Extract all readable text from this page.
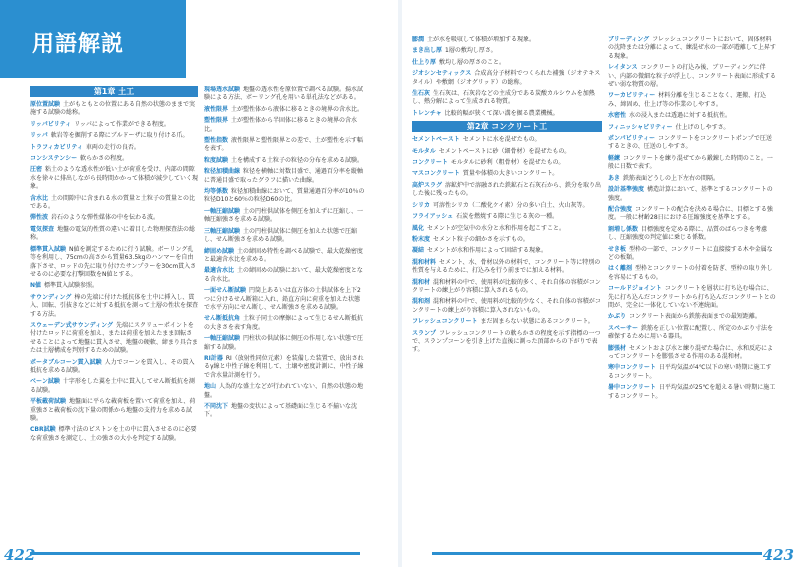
用語解説
第1章 土工
原位置試験 土がもともとの位置にある自然の状態のままで実施する試験の総称。
リッパビリティ リッパによって作業ができる程度。
リッパ 軟岩等を掘削する際にブルドーザに取り付ける爪。
トラフィカビリティ 車両の走行の良否。
コンシステンシー 軟らかさの程度。
圧密 粘土のような透水性が低い土が荷重を受け、内部の間隙水を徐々に排出しながら長時間かかって体積が減少していく現象。
含水比 土の間隙中に含まれる水の質量と土粒子の質量との比である。
弾性波 岩石のような弾性媒体の中を伝わる波。
電気探査 地盤の電気的性質の違いに着目した物理探査法の総称。
標準貫入試験 N値を測定するために行う試験。ボーリング孔等を利用し、75cmの高さから質量63.5kgのハンマーを自由落下させ、ロッドの先に取り付けたサンプラーを30cm貫入させるのに必要な打撃回数をN値とする。
N値 標準貫入試験参照。
サウンディング 棒の先端に付けた抵抗体を土中に挿入し、貫入、回転、引抜きなどに対する抵抗を測って土層の性状を探査する方法。
スウェーデン式サウンディング 先端にスクリューポイントを付けたロッドに荷重を加え、または荷重を加えたまま回転させることによって地盤に貫入させ、地盤の硬軟、締まり具合または土層構成を判別するための試験。
ポータブルコーン貫入試験 人力でコーンを貫入し、その貫入抵抗を求める試験。
ベーン試験 十字形をした翼を土中に貫入してせん断抵抗を測る試験。
平板載荷試験 地盤面に平らな載荷板を置いて荷重を加え、荷重強さと載荷板の沈下量の関係から地盤の支持力を求める試験。
CBR試験 標準寸法のピストンを土の中に貫入させるのに必要な荷重強さを測定し、土の強さの大小を判定する試験。
現場透水試験 地盤の透水性を原位置で調べる試験。揚水試験による方法、ボーリング孔を用いる単孔法などがある。
液性限界 土が塑性体から液体に移るときの境界の含水比。
塑性限界 土が塑性体から半固体に移るときの境界の含水比。
塑性指数 液性限界と塑性限界との差で、土が塑性を示す幅を表す。
粒度試験 土を構成する土粒子の粒径の分布を求める試験。
粒径加積曲線 粒径を横軸に対数目盛で、通過百分率を縦軸に普通目盛で取ったグラフに描いた曲線。
均等係数 粒径加積曲線において、質量通過百分率が10％の粒径D10と60％の粒径D60の比。
一軸圧縮試験 土の円柱供試体を側圧を加えずに圧縮し、一軸圧縮強さを求める試験。
三軸圧縮試験 土の円柱供試体に側圧を加えた状態で圧縮し、せん断強さを求める試験。
締固め試験 土の締固め特性を調べる試験で、最大乾燥密度と最適含水比を求める。
最適含水比 土の締固めの試験において、最大乾燥密度となる含水比。
一面せん断試験 円筒上あるいは直方体の土供試体を上下2つに分けるせん断箱に入れ、鉛直方向に荷重を加えた状態で水平方向にせん断し、せん断強さを求める試験。
せん断抵抗角 土粒子同士の摩擦によって生じるせん断抵抗の大きさを表す角度。
一軸圧縮試験 円柱状の供試体に側圧の作用しない状態で圧縮する試験。
RI計器 RI（放射性同位元素）を装備した装置で、放出されるγ線と中性子線を利用して、土壌や密度計測に、中性子線で含水量計測を行う。
地山 人為的な盛土などが行われていない、自然の状態の地盤。
不同沈下 地盤の変状によって基礎面に生じる不揃いな沈下。
422
膨潤 土が水を吸収して体積が増加する現象。
まき出し厚 1層の敷均し厚さ。
仕上り厚 敷均し層の厚さのこと。
ジオシンセティックス 合成高分子材料でつくられた補強（ジオテキスタイル）や敷網（ジオグリッド）の総称。
生石灰 生石灰は、石灰岩などの主成分である炭酸カルシウムを加熱し、熱分解によって生成される物質。
トレンチャ 比較的幅が狭くて深い溝を掘る農業機械。
第2章 コンクリート工
セメントペースト セメントに水を混ぜたもの。
モルタル セメントペーストに砂（細骨材）を混ぜたもの。
コンクリート モルタルに砂利（粗骨材）を混ぜたもの。
マスコンクリート 質量や体積の大きいコンクリート。
高炉スラグ 溶鉱炉中で溶融された鉄鉱石と石灰石から、鉄分を取り出した後に残ったもの。
シリカ 可溶性シリカ（二酸化ケイ素）分の多い白土、火山灰等。
フライアッシュ 石炭を燃焼する際に生じる灰の一種。
風化 セメントが空気中の水分と水和作用を起こすこと。
粉末度 セメント粒子の細かさを示すもの。
凝結 セメントが水和作用によって固結する現象。
混和材料 セメント、水、骨材以外の材料で、コンクリート等に特別の性質を与えるために、打込みを行う前までに加える材料。
混和材 混和材料の中で、使用料が比較的多く、それ自体の容積がコンクリートの練上がり容積に算入されるもの。
混和剤 混和材料の中で、使用料が比較的少なく、それ自体の容積がコンクリートの練上がり容積に算入されないもの。
フレッシュコンクリート まだ固まらない状態にあるコンクリート。
スランプ フレッシュコンクリートの軟らかさの程度を示す指標の一つで、スランプコーンを引き上げた直後に測った頂部からの下がりで表す。
ブリーディング フレッシュコンクリートにおいて、固体材料の沈降または分離によって、練混ぜ水の一部が遊離して上昇する現象。
レイタンス コンクリートの打込み後、ブリーディングに伴い、内部の微細な粒子が浮上し、コンクリート表面に形成するぜい弱な物質の層。
ワーカビリティー 材料分離を生じることなく、運搬、打込み、締固め、仕上げ等の作業のしやすさ。
水密性 水の浸入または透過に対する抵抗性。
フィニッシャビリティー 仕上げのしやすさ。
ポンパビリティー コンクリートをコンクリートポンプで圧送するときの、圧送のしやすさ。
軽練 コンクリートを練り混ぜてから鍛錬した時間のこと。一般に日数で表す。
あき 鉄筋表面どうしの上下左右の間隔。
設計基準強度 構造計算において、基準とするコンクリートの強度。
配合強度 コンクリートの配合を決める場合に、目標とする強度。一般に材齢28日における圧縮強度を基準とする。
割増し係数 目標強度を定める際に、品質のばらつきを考慮し、圧縮強度の判定値に乗じる係数。
せき板 型枠の一部で、コンクリートに直接接する木や金属などの板類。
はく離剤 型枠とコンクリートの付着を防ぎ、型枠の取り外しを容易にするもの。
コールドジョイント コンクリートを層状に打ち込む場合に、先に打ち込んだコンクリートから打ち込んだコンクリートとの間が、完全に一体化していない不連続面。
かぶり コンクリート表面から鉄筋表面までの最短距離。
スペーサー 鉄筋を正しい位置に配置し、所定のかぶり寸法を確保するために用いる器具。
膨張材 セメントおよび水と練り混ぜた場合に、水和反応によってコンクリートを膨張させる作用のある混和材。
寒中コンクリート 日平均気温が4℃以下の寒い時期に施工するコンクリート。
暑中コンクリート 日平均気温が25℃を超える暑い時期に施工するコンクリート。
423
